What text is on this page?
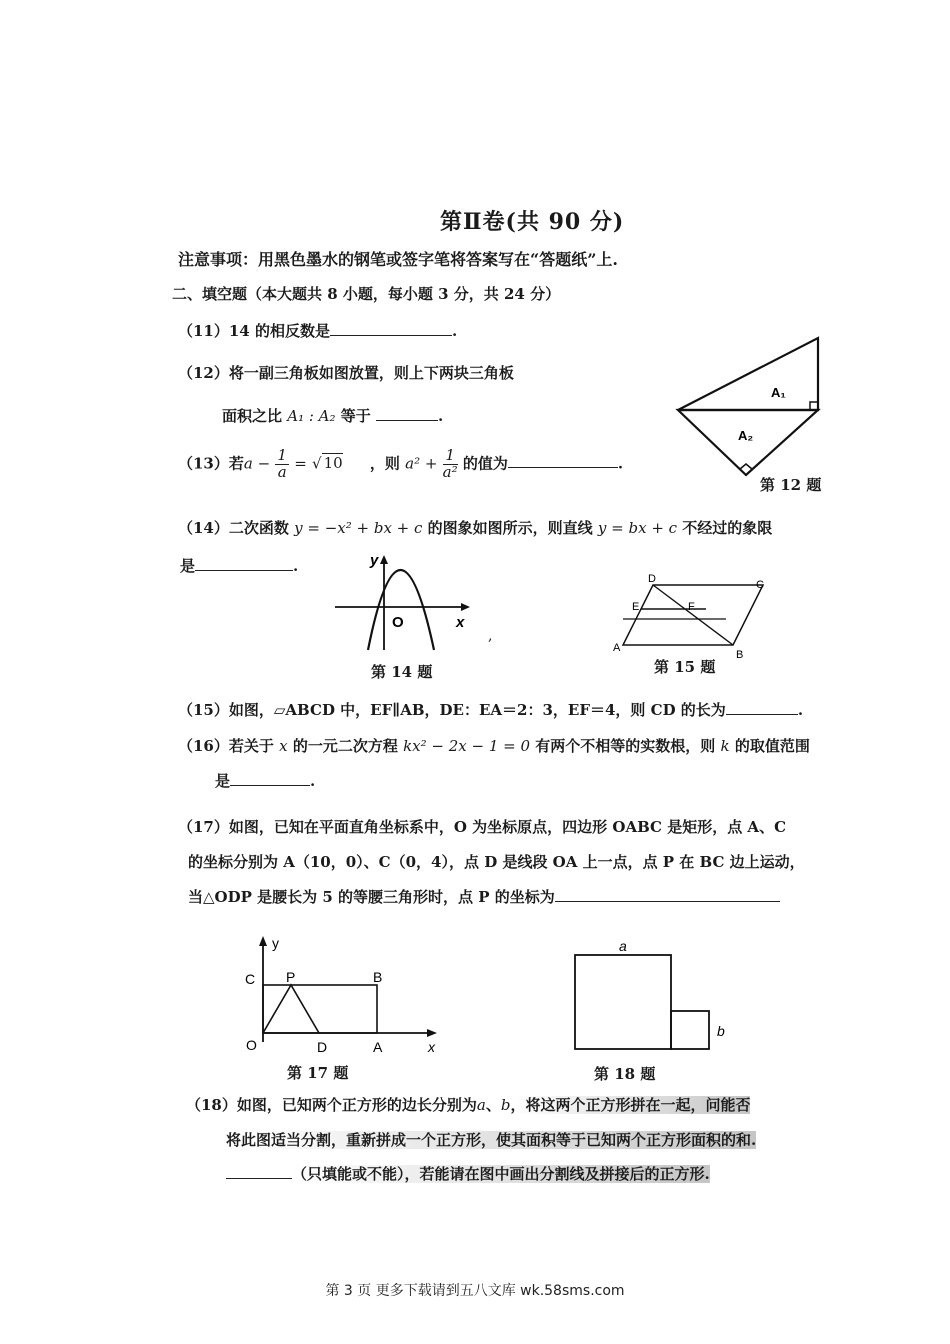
第Ⅱ卷(共 90 分)
注意事项：用黑色墨水的钢笔或签字笔将答案写在“答题纸”上.
二、填空题（本大题共 8 小题，每小题 3 分，共 24 分）
（11）14 的相反数是	.
（12）将一副三角板如图放置，则上下两块三角板
面积之比 A₁ : A₂ 等于	.
A₁
A₂
第 12 题
（13）若$a - \frac{1}{a}$ = √ 10 ，则 $a^2 + \frac{1}{\text{a²}}$ 的值为	.
（14）二次函数 y = −x² + bx + c 的图象如图所示，则直线 y = bx + c 不经过的象限
是	.	y
O	x
第 14 题
,
D	C
E	F
A
B
第 15 题
（15）如图，▱ABCD 中，EF∥AB，DE：EA＝2：3，EF＝4，则 CD 的长为	.
（16）若关于 x 的一元二次方程 kx² − 2x − 1 = 0 有两个不相等的实数根，则 k 的取值范围
是	.
（17）如图，已知在平面直角坐标系中，O 为坐标原点，四边形 OABC 是矩形，点 A、C
的坐标分别为 A（10，0）、C（0，4），点 D 是线段 OA 上一点，点 P 在 BC 边上运动，
当△ODP 是腰长为 5 的等腰三角形时，点 P 的坐标为
y
C P	B
O	D	A	x
第 17 题
a
b
第 18 题
（18）如图，已知两个正方形的边长分别为a、b，将这两个正方形拼在一起，问能否
将此图适当分割，重新拼成一个正方形，使其面积等于已知两个正方形面积的和.
（只填能或不能），若能请在图中画出分割线及拼接后的正方形.
第 3 页 更多下载请到五八文库 wk.58sms.com
